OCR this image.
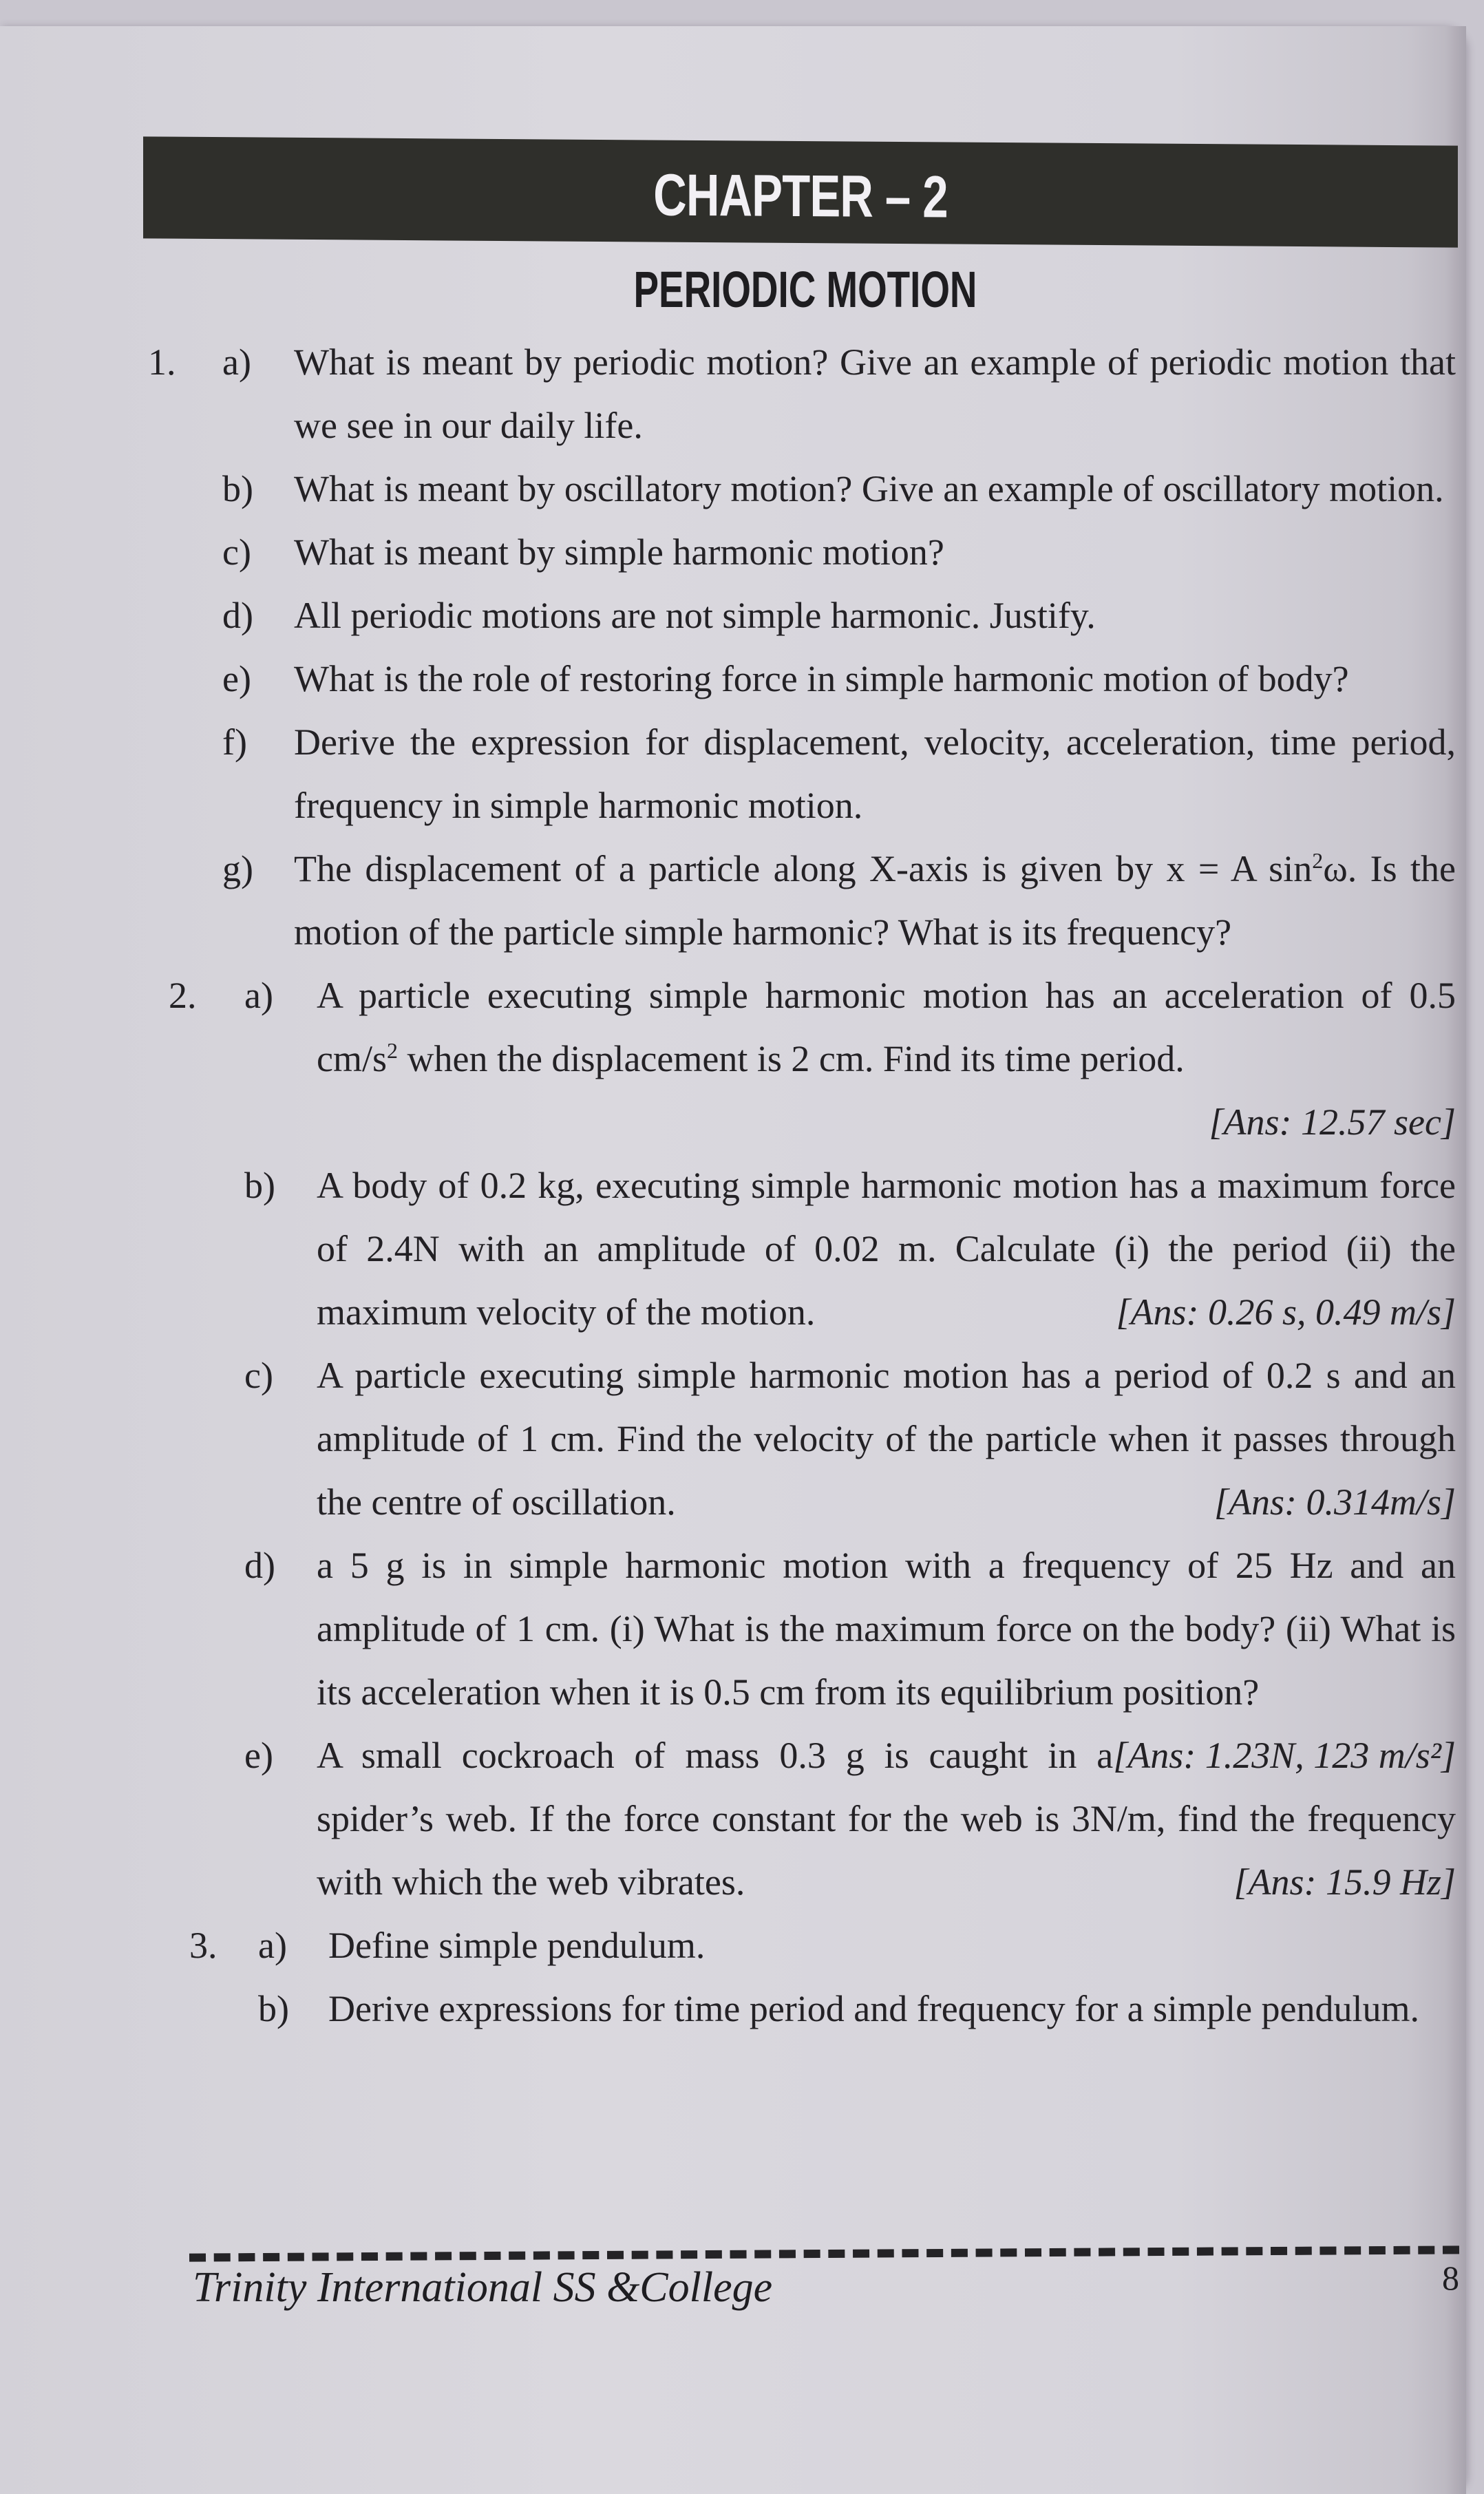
CHAPTER – 2
PERIODIC MOTION
1.	a) What is meant by periodic motion? Give an example of periodic motion that we see in our daily life.
b) What is meant by oscillatory motion? Give an example of oscillatory motion.
c) What is meant by simple harmonic motion?
d) All periodic motions are not simple harmonic. Justify.
e) What is the role of restoring force in simple harmonic motion of body?
f) Derive the expression for displacement, velocity, acceleration, time period, frequency in simple harmonic motion.
g) The displacement of a particle along X-axis is given by x = A $\sin^2\omega$. Is the motion of the particle simple harmonic? What is its frequency?
2.	a) A particle executing simple harmonic motion has an acceleration of 0.5 $cm/s^2$ when the displacement is 2 cm. Find its time period.
[Ans: 12.57 sec]
b) A body of 0.2 kg, executing simple harmonic motion has a maximum force of 2.4N with an amplitude of 0.02 m. Calculate (i) the period (ii) the maximum velocity of the motion.	[Ans: 0.26 s, 0.49 m/s]
c) A particle executing simple harmonic motion has a period of 0.2 s and an amplitude of 1 cm. Find the velocity of the particle when it passes through the centre of oscillation.	[Ans: 0.314m/s]
d) a 5 g is in simple harmonic motion with a frequency of 25 Hz and an amplitude of 1 cm. (i) What is the maximum force on the body? (ii) What is its acceleration when it is 0.5 cm from its equilibrium position?
[Ans: 1.23N, 123 m/s²]
e) A small cockroach of mass 0.3 g is caught in a spider’s web. If the force constant for the web is 3N/m, find the frequency with which the web vibrates.	[Ans: 15.9 Hz]
3.	a) Define simple pendulum.
b) Derive expressions for time period and frequency for a simple pendulum.
Trinity International SS &College	8
